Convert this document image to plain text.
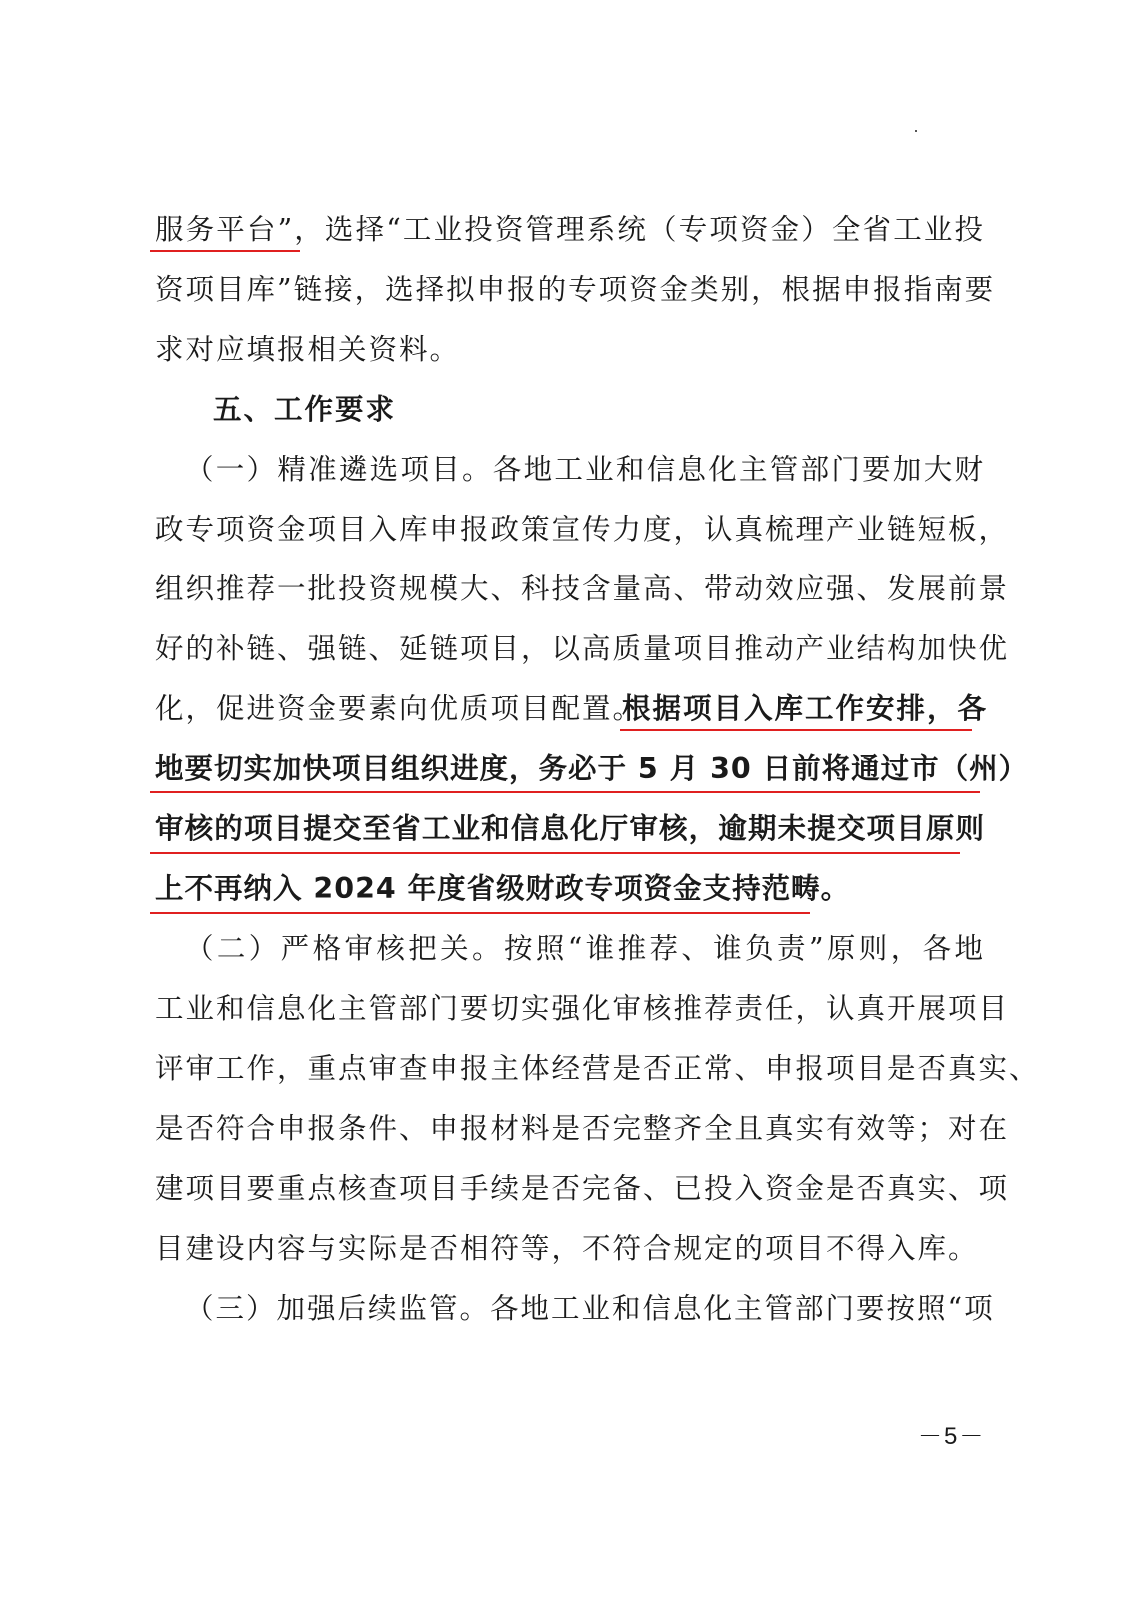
服务平台”，选择“工业投资管理系统（专项资金）全省工业投
资项目库”链接，选择拟申报的专项资金类别，根据申报指南要
求对应填报相关资料。
五、工作要求
（一）精准遴选项目。各地工业和信息化主管部门要加大财
政专项资金项目入库申报政策宣传力度，认真梳理产业链短板，
组织推荐一批投资规模大、科技含量高、带动效应强、发展前景
好的补链、强链、延链项目，以高质量项目推动产业结构加快优
化，促进资金要素向优质项目配置。
根据项目入库工作安排，各
地要切实加快项目组织进度，务必于 5 月 30 日前将通过市（州）
审核的项目提交至省工业和信息化厅审核，逾期未提交项目原则
上不再纳入 2024 年度省级财政专项资金支持范畴。
（二）严格审核把关。按照“谁推荐、谁负责”原则，各地
工业和信息化主管部门要切实强化审核推荐责任，认真开展项目
评审工作，重点审查申报主体经营是否正常、申报项目是否真实、
是否符合申报条件、申报材料是否完整齐全且真实有效等；对在
建项目要重点核查项目手续是否完备、已投入资金是否真实、项
目建设内容与实际是否相符等，不符合规定的项目不得入库。
（三）加强后续监管。各地工业和信息化主管部门要按照“项
－5－
